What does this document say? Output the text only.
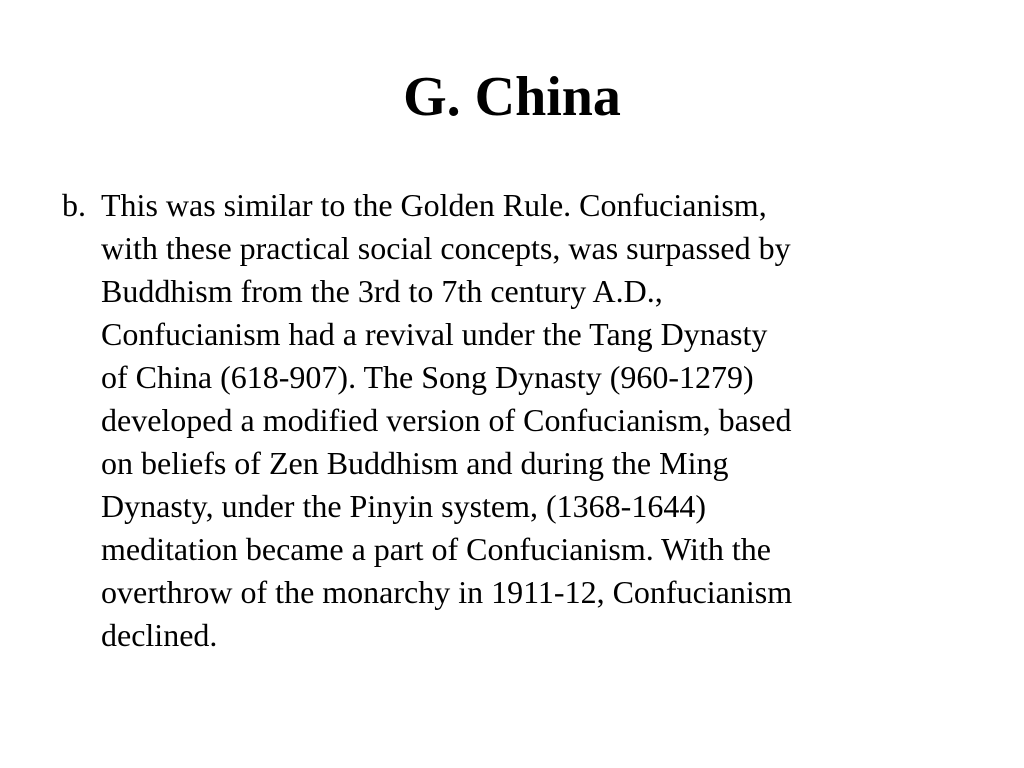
G. China
b. This was similar to the Golden Rule. Confucianism,
with these practical social concepts, was surpassed by
Buddhism from the 3rd to 7th century A.D.,
Confucianism had a revival under the Tang Dynasty
of China (618-907). The Song Dynasty (960-1279)
developed a modified version of Confucianism, based
on beliefs of Zen Buddhism and during the Ming
Dynasty, under the Pinyin system, (1368-1644)
meditation became a part of Confucianism. With the
overthrow of the monarchy in 1911-12, Confucianism
declined.
